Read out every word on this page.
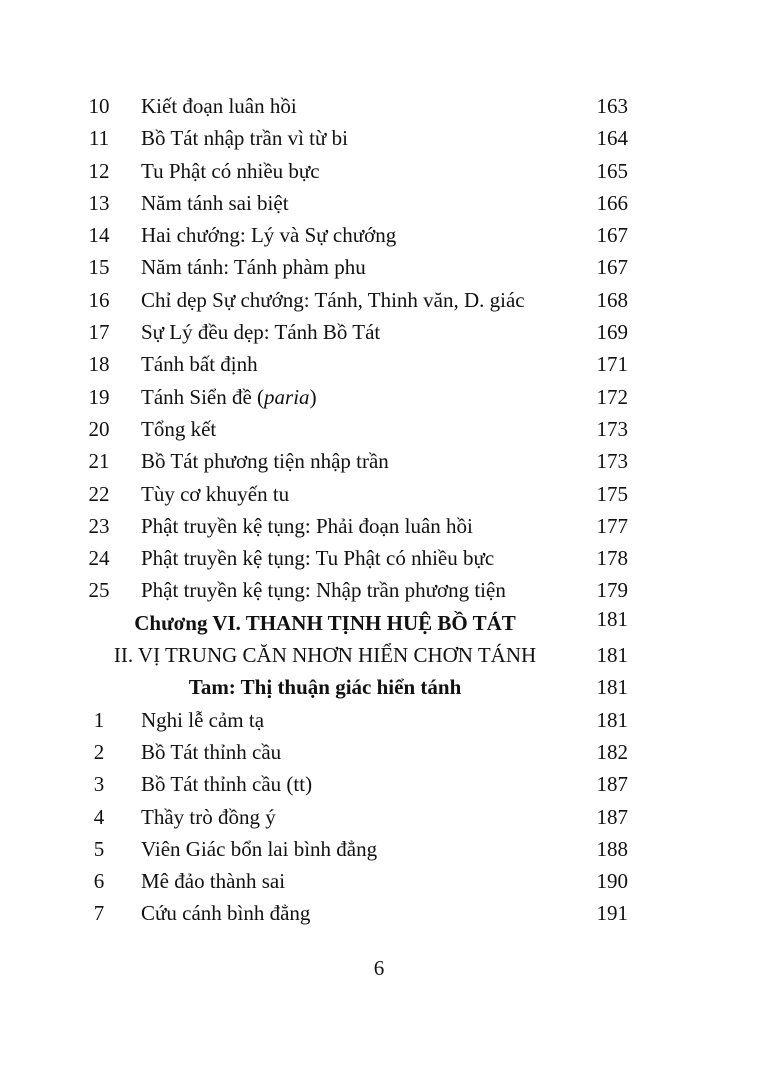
10	Kiết đoạn luân hồi	163
11	Bồ Tát nhập trần vì từ bi	164
12	Tu Phật có nhiều bực	165
13	Năm tánh sai biệt	166
14	Hai chướng: Lý và Sự chướng	167
15	Năm tánh: Tánh phàm phu	167
16	Chỉ dẹp Sự chướng: Tánh, Thinh văn, D. giác	168
17	Sự Lý đều dẹp: Tánh Bồ Tát	169
18	Tánh bất định	171
19	Tánh Siển đề (paria)	172
20	Tổng kết	173
21	Bồ Tát phương tiện nhập trần	173
22	Tùy cơ khuyến tu	175
23	Phật truyền kệ tụng: Phải đoạn luân hồi	177
24	Phật truyền kệ tụng: Tu Phật có nhiều bực	178
25	Phật truyền kệ tụng: Nhập trần phương tiện	179
Chương VI. THANH TỊNH HUỆ BỒ TÁT	181
II. VỊ TRUNG CĂN NHƠN HIỂN CHƠN TÁNH	181
Tam: Thị thuận giác hiển tánh	181
1	Nghi lễ cảm tạ	181
2	Bồ Tát thỉnh cầu	182
3	Bồ Tát thỉnh cầu (tt)	187
4	Thầy trò đồng ý	187
5	Viên Giác bổn lai bình đẳng	188
6	Mê đảo thành sai	190
7	Cứu cánh bình đẳng	191
6
